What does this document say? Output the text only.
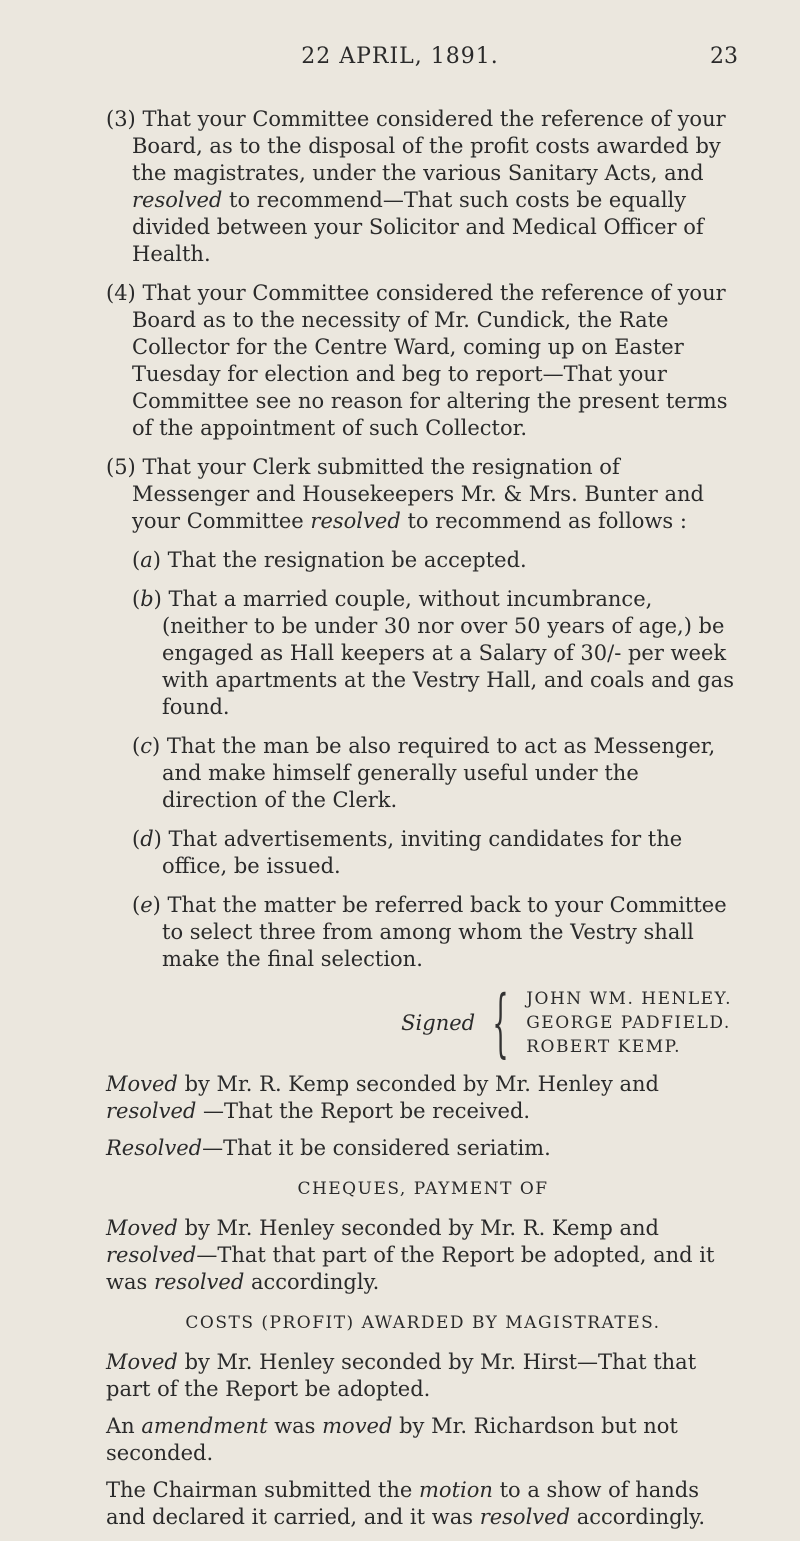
22 APRIL, 1891.	23

(3) That your Committee considered the reference of your Board, as to the disposal of the profit costs awarded by the magistrates, under the various Sanitary Acts, and resolved to recommend—That such costs be equally divided between your Solicitor and Medical Officer of Health.

(4) That your Committee considered the reference of your Board as to the necessity of Mr. Cundick, the Rate Collector for the Centre Ward, coming up on Easter Tuesday for election and beg to report—That your Committee see no reason for altering the present terms of the appointment of such Collector.

(5) That your Clerk submitted the resignation of Messenger and Housekeepers Mr. & Mrs. Bunter and your Committee resolved to recommend as follows :

(a) That the resignation be accepted.

(b) That a married couple, without incumbrance, (neither to be under 30 nor over 50 years of age,) be engaged as Hall keepers at a Salary of 30/- per week with apartments at the Vestry Hall, and coals and gas found.

(c) That the man be also required to act as Messenger, and make himself generally useful under the direction of the Clerk.

(d) That advertisements, inviting candidates for the office, be issued.

(e) That the matter be referred back to your Committee to select three from among whom the Vestry shall make the final selection.

Signed { JOHN WM. HENLEY.
GEORGE PADFIELD.
ROBERT KEMP.

Moved by Mr. R. Kemp seconded by Mr. Henley and resolved —That the Report be received.

Resolved—That it be considered seriatim.

CHEQUES, PAYMENT OF

Moved by Mr. Henley seconded by Mr. R. Kemp and resolved—That that part of the Report be adopted, and it was resolved accordingly.

COSTS (PROFIT) AWARDED BY MAGISTRATES.

Moved by Mr. Henley seconded by Mr. Hirst—That that part of the Report be adopted.

An amendment was moved by Mr. Richardson but not seconded.

The Chairman submitted the motion to a show of hands and declared it carried, and it was resolved accordingly.
